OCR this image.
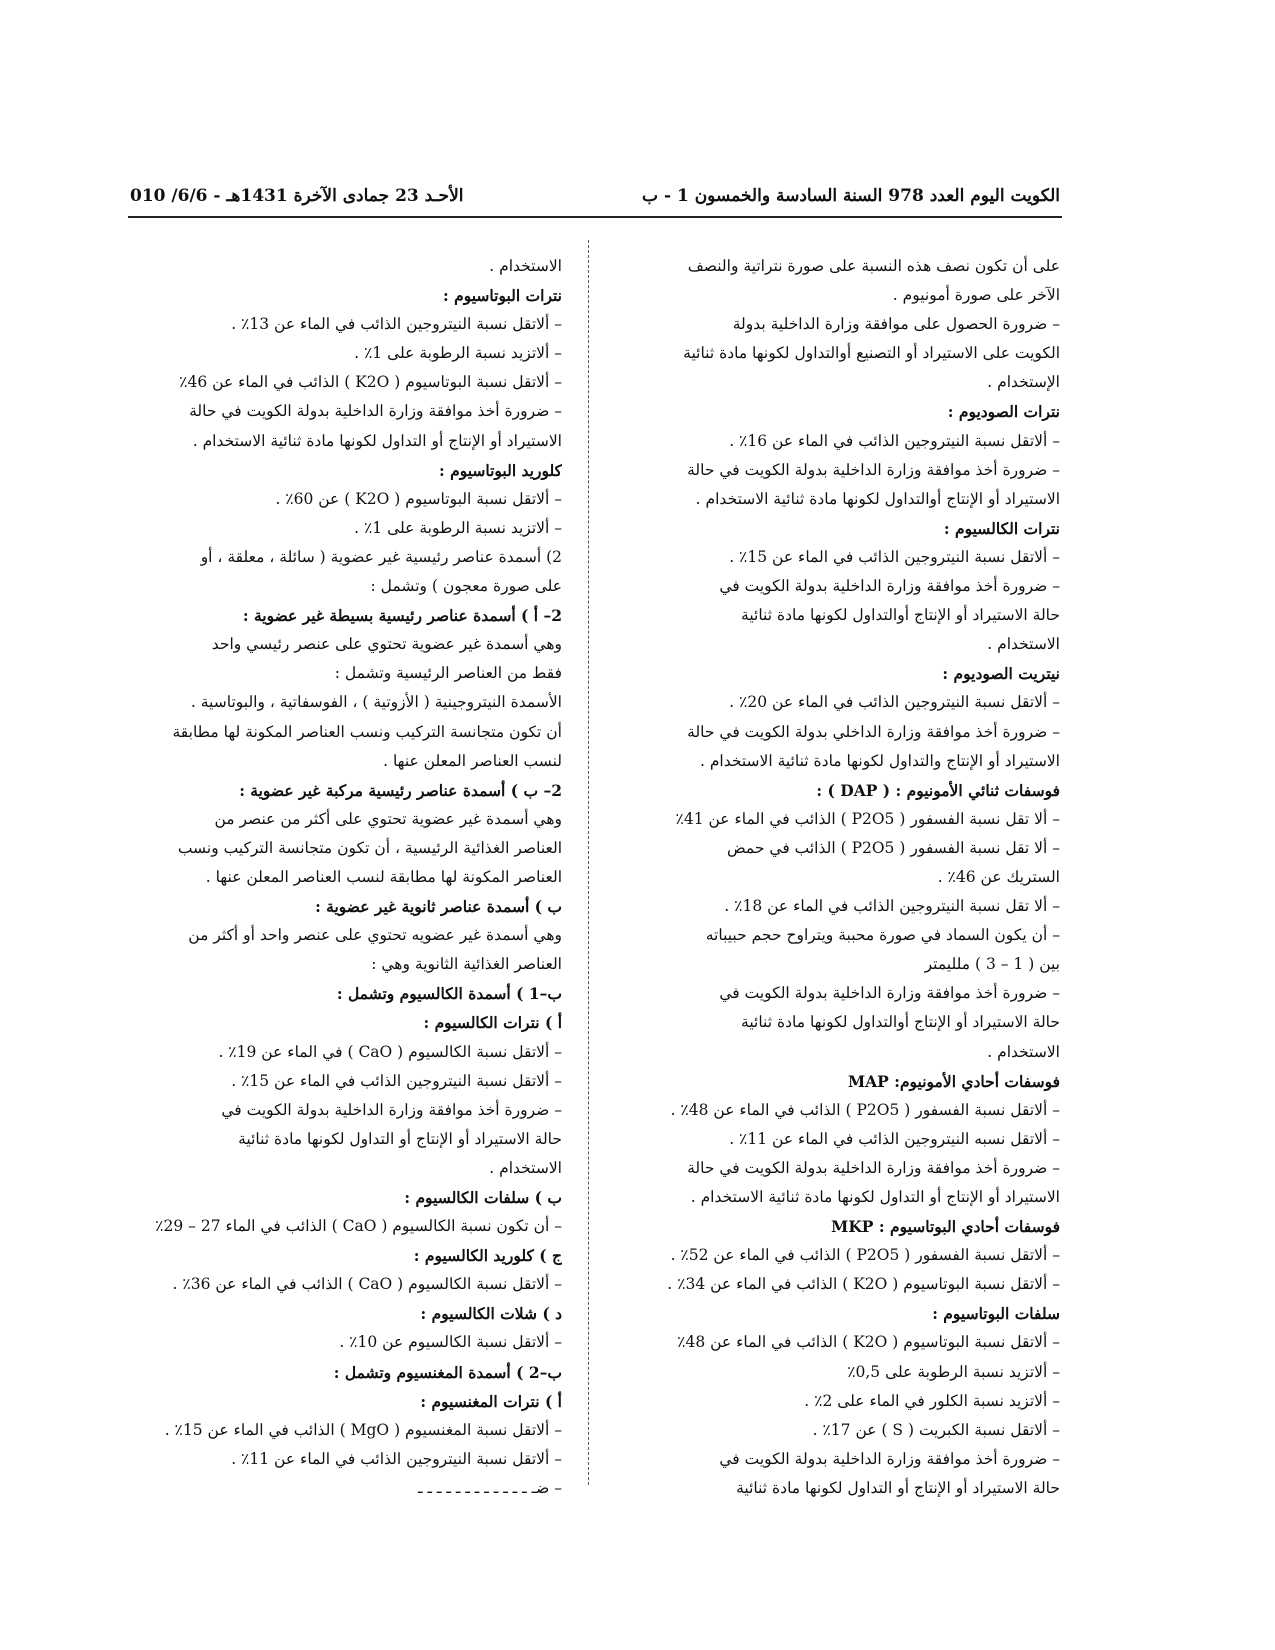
الكويت اليوم العدد 978 السنة السادسة والخمسون 1 - ب
الأحـد 23 جمادى الآخرة 1431هـ - 6/6/ 010
على أن تكون نصف هذه النسبة على صورة نتراتية والنصف
الآخر على صورة أمونيوم .
– ضرورة الحصول على موافقة وزارة الداخلية بدولة
الكويت على الاستيراد أو التصنيع أوالتداول لكونها مادة ثنائية
الإستخدام .
نترات الصوديوم :
– ألاتقل نسبة النيتروجين الذائب في الماء عن 16٪ .
– ضرورة أخذ موافقة وزارة الداخلية بدولة الكويت في حالة
الاستيراد أو الإنتاج أوالتداول لكونها مادة ثنائية الاستخدام .
نترات الكالسيوم :
– ألاتقل نسبة النيتروجين الذائب في الماء عن 15٪ .
– ضرورة أخذ موافقة وزارة الداخلية بدولة الكويت في
حالة الاستيراد أو الإنتاج أوالتداول لكونها مادة ثنائية
الاستخدام .
نيتريت الصوديوم :
– ألاتقل نسبة النيتروجين الذائب في الماء عن 20٪ .
– ضرورة أخذ موافقة وزارة الداخلي بدولة الكويت في حالة
الاستيراد أو الإنتاج والتداول لكونها مادة ثنائية الاستخدام .
فوسفات ثنائي الأمونيوم : ( DAP ) :
– ألا تقل نسبة الفسفور ( P2O5 ) الذائب في الماء عن 41٪
– ألا تقل نسبة الفسفور ( P2O5 ) الذائب في حمض
الستريك عن 46٪ .
– ألا تقل نسبة النيتروجين الذائب في الماء عن 18٪ .
– أن يكون السماد في صورة محببة ويتراوح حجم حبيباته
بين ( 1 – 3 ) ملليمتر
– ضرورة أخذ موافقة وزارة الداخلية بدولة الكويت في
حالة الاستيراد أو الإنتاج أوالتداول لكونها مادة ثنائية
الاستخدام .
فوسفات أحادي الأمونيوم: MAP
– ألاتقل نسبة الفسفور ( P2O5 ) الذائب في الماء عن 48٪ .
– ألاتقل نسبه النيتروجين الذائب في الماء عن 11٪ .
– ضرورة أخذ موافقة وزارة الداخلية بدولة الكويت في حالة
الاستيراد أو الإنتاج أو التداول لكونها مادة ثنائية الاستخدام .
فوسفات أحادي البوتاسيوم : MKP
– ألاتقل نسبة الفسفور ( P2O5 ) الذائب في الماء عن 52٪ .
– ألاتقل نسبة البوتاسيوم ( K2O ) الذائب في الماء عن 34٪ .
سلفات البوتاسيوم :
– ألاتقل نسبة البوتاسيوم ( K2O ) الذائب في الماء عن 48٪
– ألاتزيد نسبة الرطوبة على 0,5٪
– ألاتزيد نسبة الكلور في الماء على 2٪ .
– ألاتقل نسبة الكبريت ( S ) عن 17٪ .
– ضرورة أخذ موافقة وزارة الداخلية بدولة الكويت في
حالة الاستيراد أو الإنتاج أو التداول لكونها مادة ثنائية
الاستخدام .
نترات البوتاسيوم :
– ألاتقل نسبة النيتروجين الذائب في الماء عن 13٪ .
– ألاتزيد نسبة الرطوبة على 1٪ .
– ألاتقل نسبة البوتاسيوم ( K2O ) الذائب في الماء عن 46٪
– ضرورة أخذ موافقة وزارة الداخلية بدولة الكويت في حالة
الاستيراد أو الإنتاج أو التداول لكونها مادة ثنائية الاستخدام .
كلوريد البوتاسيوم :
– ألاتقل نسبة البوتاسيوم ( K2O ) عن 60٪ .
– ألاتزيد نسبة الرطوبة على 1٪ .
2) أسمدة عناصر رئيسية غير عضوية ( سائلة ، معلقة ، أو
على صورة معجون ) وتشمل :
2– أ ) أسمدة عناصر رئيسية بسيطة غير عضوية :
وهي أسمدة غير عضوية تحتوي على عنصر رئيسي واحد
فقط من العناصر الرئيسية وتشمل :
الأسمدة النيتروجينية ( الأزوتية ) ، الفوسفاتية ، والبوتاسية .
أن تكون متجانسة التركيب ونسب العناصر المكونة لها مطابقة
لنسب العناصر المعلن عنها .
2– ب ) أسمدة عناصر رئيسية مركبة غير عضوية :
وهي أسمدة غير عضوية تحتوي على أكثر من عنصر من
العناصر الغذائية الرئيسية ، أن تكون متجانسة التركيب ونسب
العناصر المكونة لها مطابقة لنسب العناصر المعلن عنها .
ب ) أسمدة عناصر ثانوية غير عضوية :
وهي أسمدة غير عضويه تحتوي على عنصر واحد أو أكثر من
العناصر الغذائية الثانوية وهي :
ب–1 ) أسمدة الكالسيوم وتشمل :
أ ) نترات الكالسيوم :
– ألاتقل نسبة الكالسيوم ( CaO ) في الماء عن 19٪ .
– ألاتقل نسبة النيتروجين الذائب في الماء عن 15٪ .
– ضرورة أخذ موافقة وزارة الداخلية بدولة الكويت في
حالة الاستيراد أو الإنتاج أو التداول لكونها مادة ثنائية
الاستخدام .
ب ) سلفات الكالسيوم :
– أن تكون نسبة الكالسيوم ( CaO ) الذائب في الماء 27 – 29٪
ج ) كلوريد الكالسيوم :
– ألاتقل نسبة الكالسيوم ( CaO ) الذائب في الماء عن 36٪ .
د ) شلات الكالسيوم :
– ألاتقل نسبة الكالسيوم عن 10٪ .
ب–2 ) أسمدة المغنسيوم وتشمل :
أ ) نترات المغنسيوم :
– ألاتقل نسبة المغنسيوم ( MgO ) الذائب في الماء عن 15٪ .
– ألاتقل نسبة النيتروجين الذائب في الماء عن 11٪ .
– ضـ ـ ـ ـ ـ ـ ـ ـ ـ ـ ـ ـ ـ
